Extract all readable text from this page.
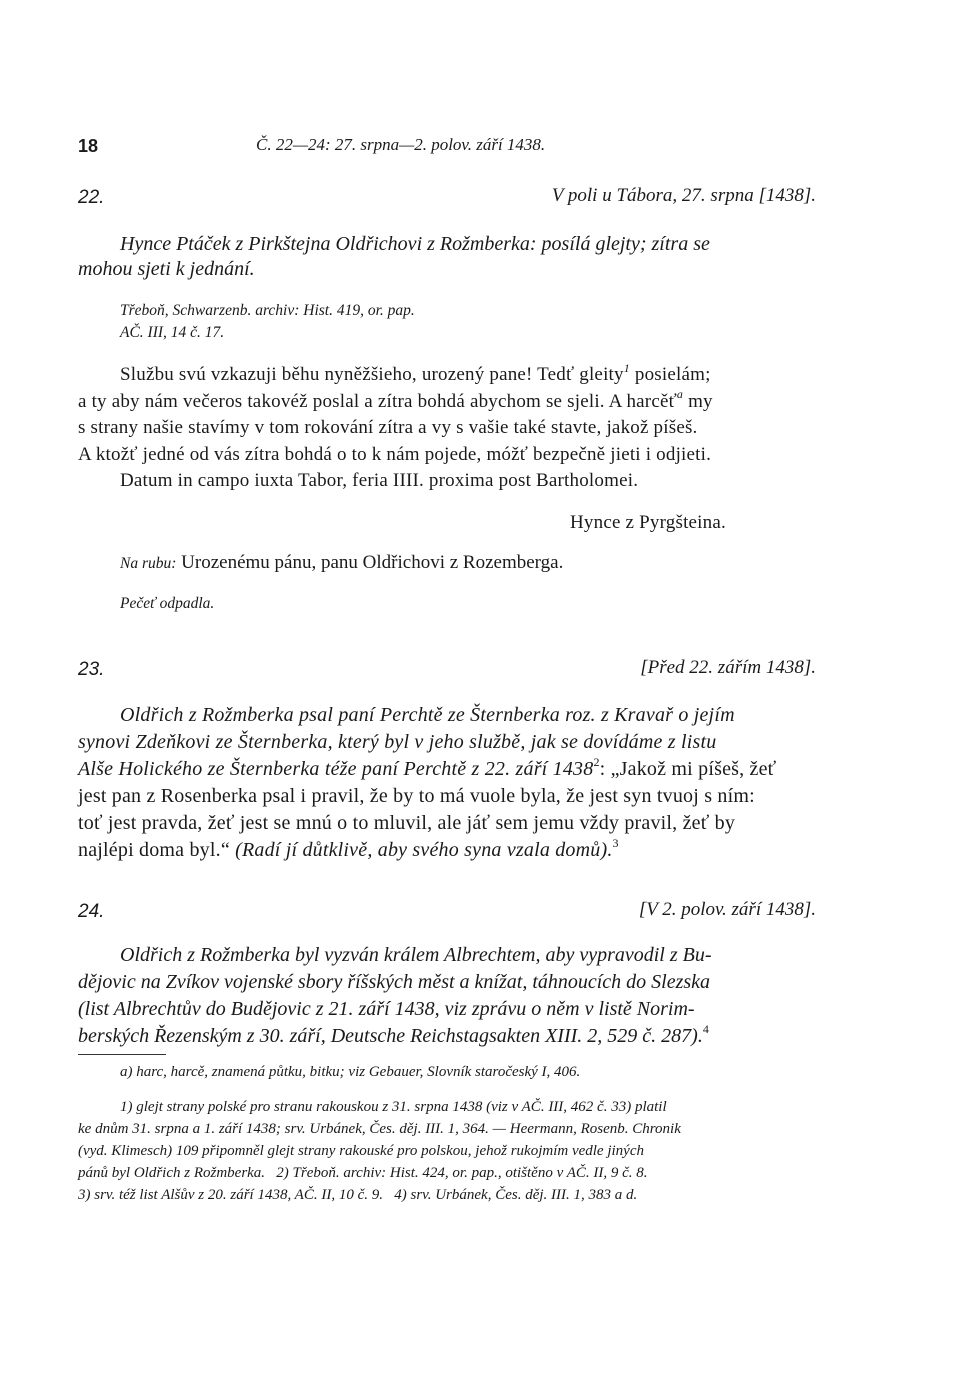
18	Č. 22—24: 27. srpna—2. polov. září 1438.
22.	V poli u Tábora, 27. srpna [1438].
Hynce Ptáček z Pirkštejna Oldřichovi z Rožmberka: posílá glejty; zítra se
mohou sjeti k jednání.
Třeboň, Schwarzenb. archiv: Hist. 419, or. pap.
AČ. III, 14 č. 17.
Službu svú vzkazuji běhu nyněžšieho, urozený pane! Tedť gleity$^1$ posielám;
a ty aby nám večeros takovéž poslal a zítra bohdá abychom se sjeli. A harcěť$^a$ my
s strany našie stavímy v tom rokování zítra a vy s vašie také stavte, jakož píšeš.
A ktožť jedné od vás zítra bohdá o to k nám pojede, móžť bezpečně jieti i odjieti.
Datum in campo iuxta Tabor, feria IIII. proxima post Bartholomei.
Hynce z Pyrgšteina.
Na rubu: Urozenému pánu, panu Oldřichovi z Rozemberga.
Pečeť odpadla.
23.	[Před 22. zářím 1438].
Oldřich z Rožmberka psal paní Perchtě ze Šternberka roz. z Kravař o jejím
synovi Zdeňkovi ze Šternberka, který byl v jeho službě, jak se dovídáme z listu
Alše Holického ze Šternberka téže paní Perchtě z 22. září 1438$^2$: „Jakož mi píšeš, žeť
jest pan z Rosenberka psal i pravil, že by to má vuole byla, že jest syn tvuoj s ním:
toť jest pravda, žeť jest se mnú o to mluvil, ale jáť sem jemu vždy pravil, žeť by
najlépi doma byl.“ (Radí jí důtklivě, aby svého syna vzala domů).$^3$
24.	[V 2. polov. září 1438].
Oldřich z Rožmberka byl vyzván králem Albrechtem, aby vypravodil z Bu-
dějovic na Zvíkov vojenské sbory říšských měst a knížat, táhnoucích do Slezska
(list Albrechtův do Budějovic z 21. září 1438, viz zprávu o něm v listě Norim-
berských Řezenským z 30. září, Deutsche Reichstagsakten XIII. 2, 529 č. 287).$^4$
a) harc, harcě, znamená půtku, bitku; viz Gebauer, Slovník staročeský I, 406.
1) glejt strany polské pro stranu rakouskou z 31. srpna 1438 (viz v AČ. III, 462 č. 33) platil
ke dnům 31. srpna a 1. září 1438; srv. Urbánek, Čes. děj. III. 1, 364. — Heermann, Rosenb. Chronik
(vyd. Klimesch) 109 připomněl glejt strany rakouské pro polskou, jehož rukojmím vedle jiných
pánů byl Oldřich z Rožmberka.   2) Třeboň. archiv: Hist. 424, or. pap., otištěno v AČ. II, 9 č. 8.
3) srv. též list Alšův z 20. září 1438, AČ. II, 10 č. 9.   4) srv. Urbánek, Čes. děj. III. 1, 383 a d.
